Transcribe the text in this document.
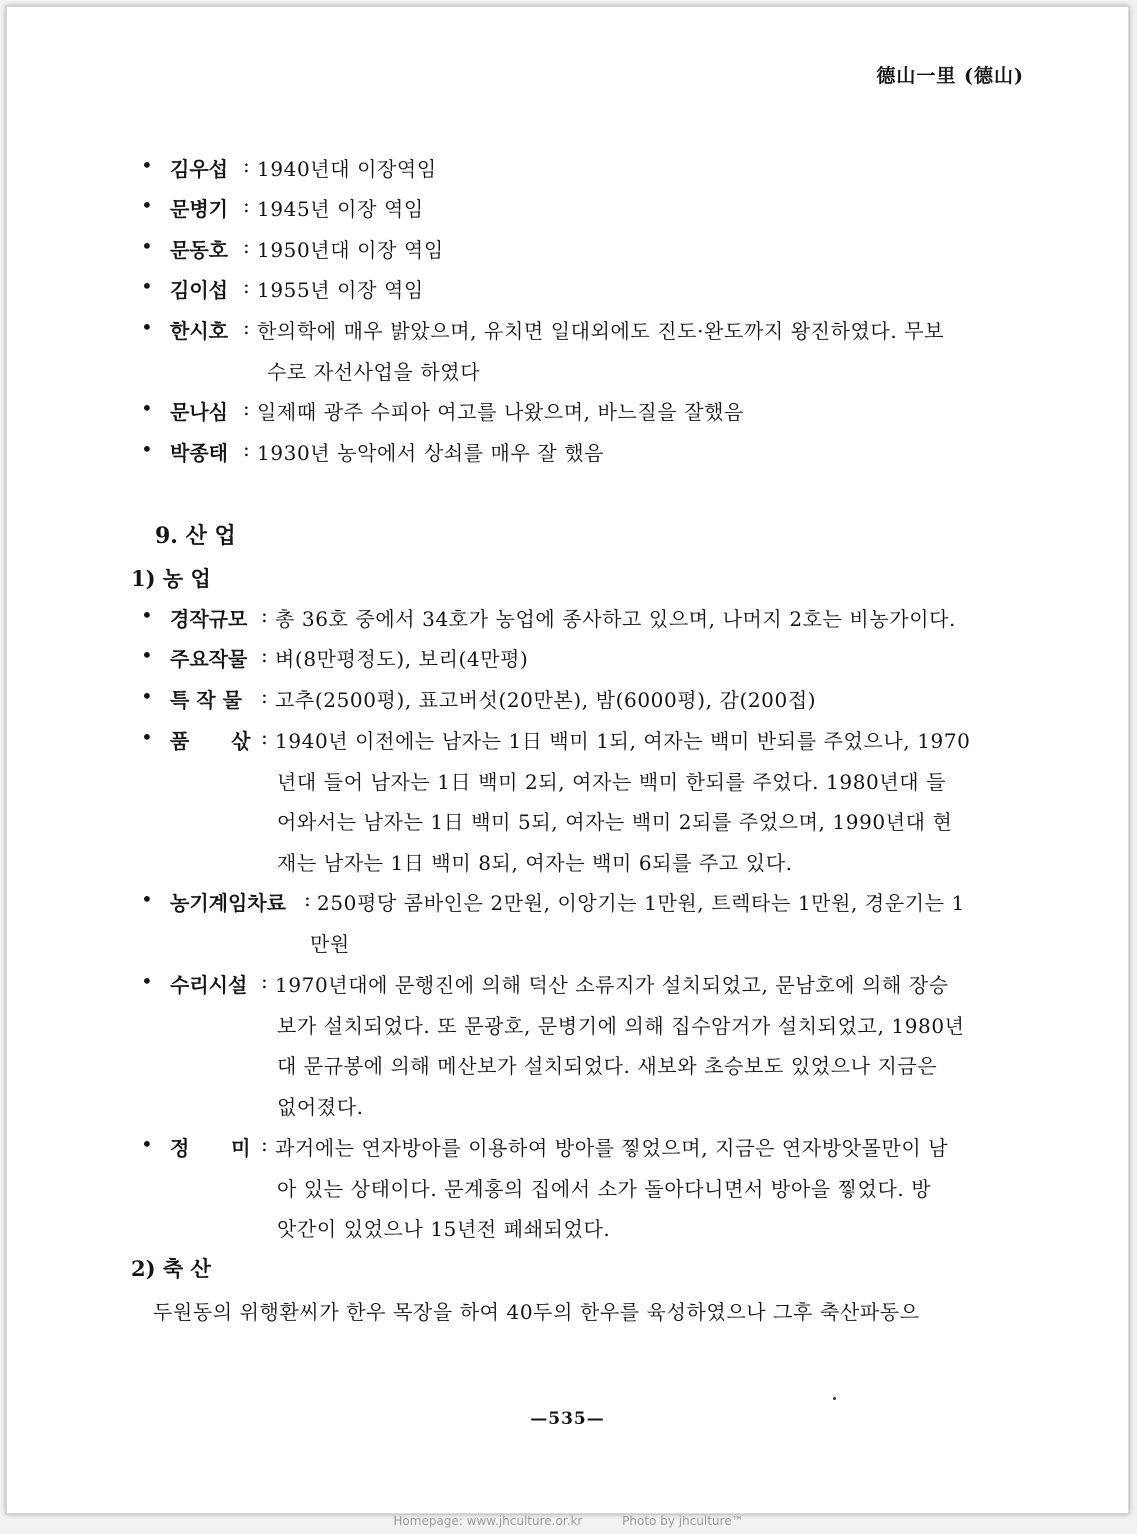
德山一里 (德山)
• 김우섭 : 1940년대 이장역임
• 문병기 : 1945년 이장 역임
• 문동호 : 1950년대 이장 역임
• 김이섭 : 1955년 이장 역임
• 한시호 : 한의학에 매우 밝았으며, 유치면 일대외에도 진도·완도까지 왕진하였다. 무보
수로 자선사업을 하였다
• 문나심 : 일제때 광주 수피아 여고를 나왔으며, 바느질을 잘했음
• 박종태 : 1930년 농악에서 상쇠를 매우 잘 했음
9. 산 업
1) 농 업
• 경작규모 : 총 36호 중에서 34호가 농업에 종사하고 있으며, 나머지 2호는 비농가이다.
• 주요작물 : 벼(8만평정도), 보리(4만평)
• 특 작 물 : 고추(2500평), 표고버섯(20만본), 밤(6000평), 감(200접)
• 품      삯 : 1940년 이전에는 남자는 1日 백미 1되, 여자는 백미 반되를 주었으나, 1970
년대 들어 남자는 1日 백미 2되, 여자는 백미 한되를 주었다. 1980년대 들
어와서는 남자는 1日 백미 5되, 여자는 백미 2되를 주었으며, 1990년대 현
재는 남자는 1日 백미 8되, 여자는 백미 6되를 주고 있다.
• 농기계임차료 : 250평당 콤바인은 2만원, 이앙기는 1만원, 트렉타는 1만원, 경운기는 1
만원
• 수리시설 : 1970년대에 문행진에 의해 덕산 소류지가 설치되었고, 문남호에 의해 장승
보가 설치되었다. 또 문광호, 문병기에 의해 집수암거가 설치되었고, 1980년
대 문규봉에 의해 메산보가 설치되었다. 새보와 초승보도 있었으나 지금은
없어졌다.
• 정      미 : 과거에는 연자방아를 이용하여 방아를 찧었으며, 지금은 연자방앗몰만이 남
아 있는 상태이다. 문계홍의 집에서 소가 돌아다니면서 방아을 찧었다. 방
앗간이 있었으나 15년전 폐쇄되었다.
2) 축 산
두원동의 위행환씨가 한우 목장을 하여 40두의 한우를 육성하였으나 그후 축산파동으
—535—
Homepage: www.jhculture.or.kr	Photo by jhculture™
